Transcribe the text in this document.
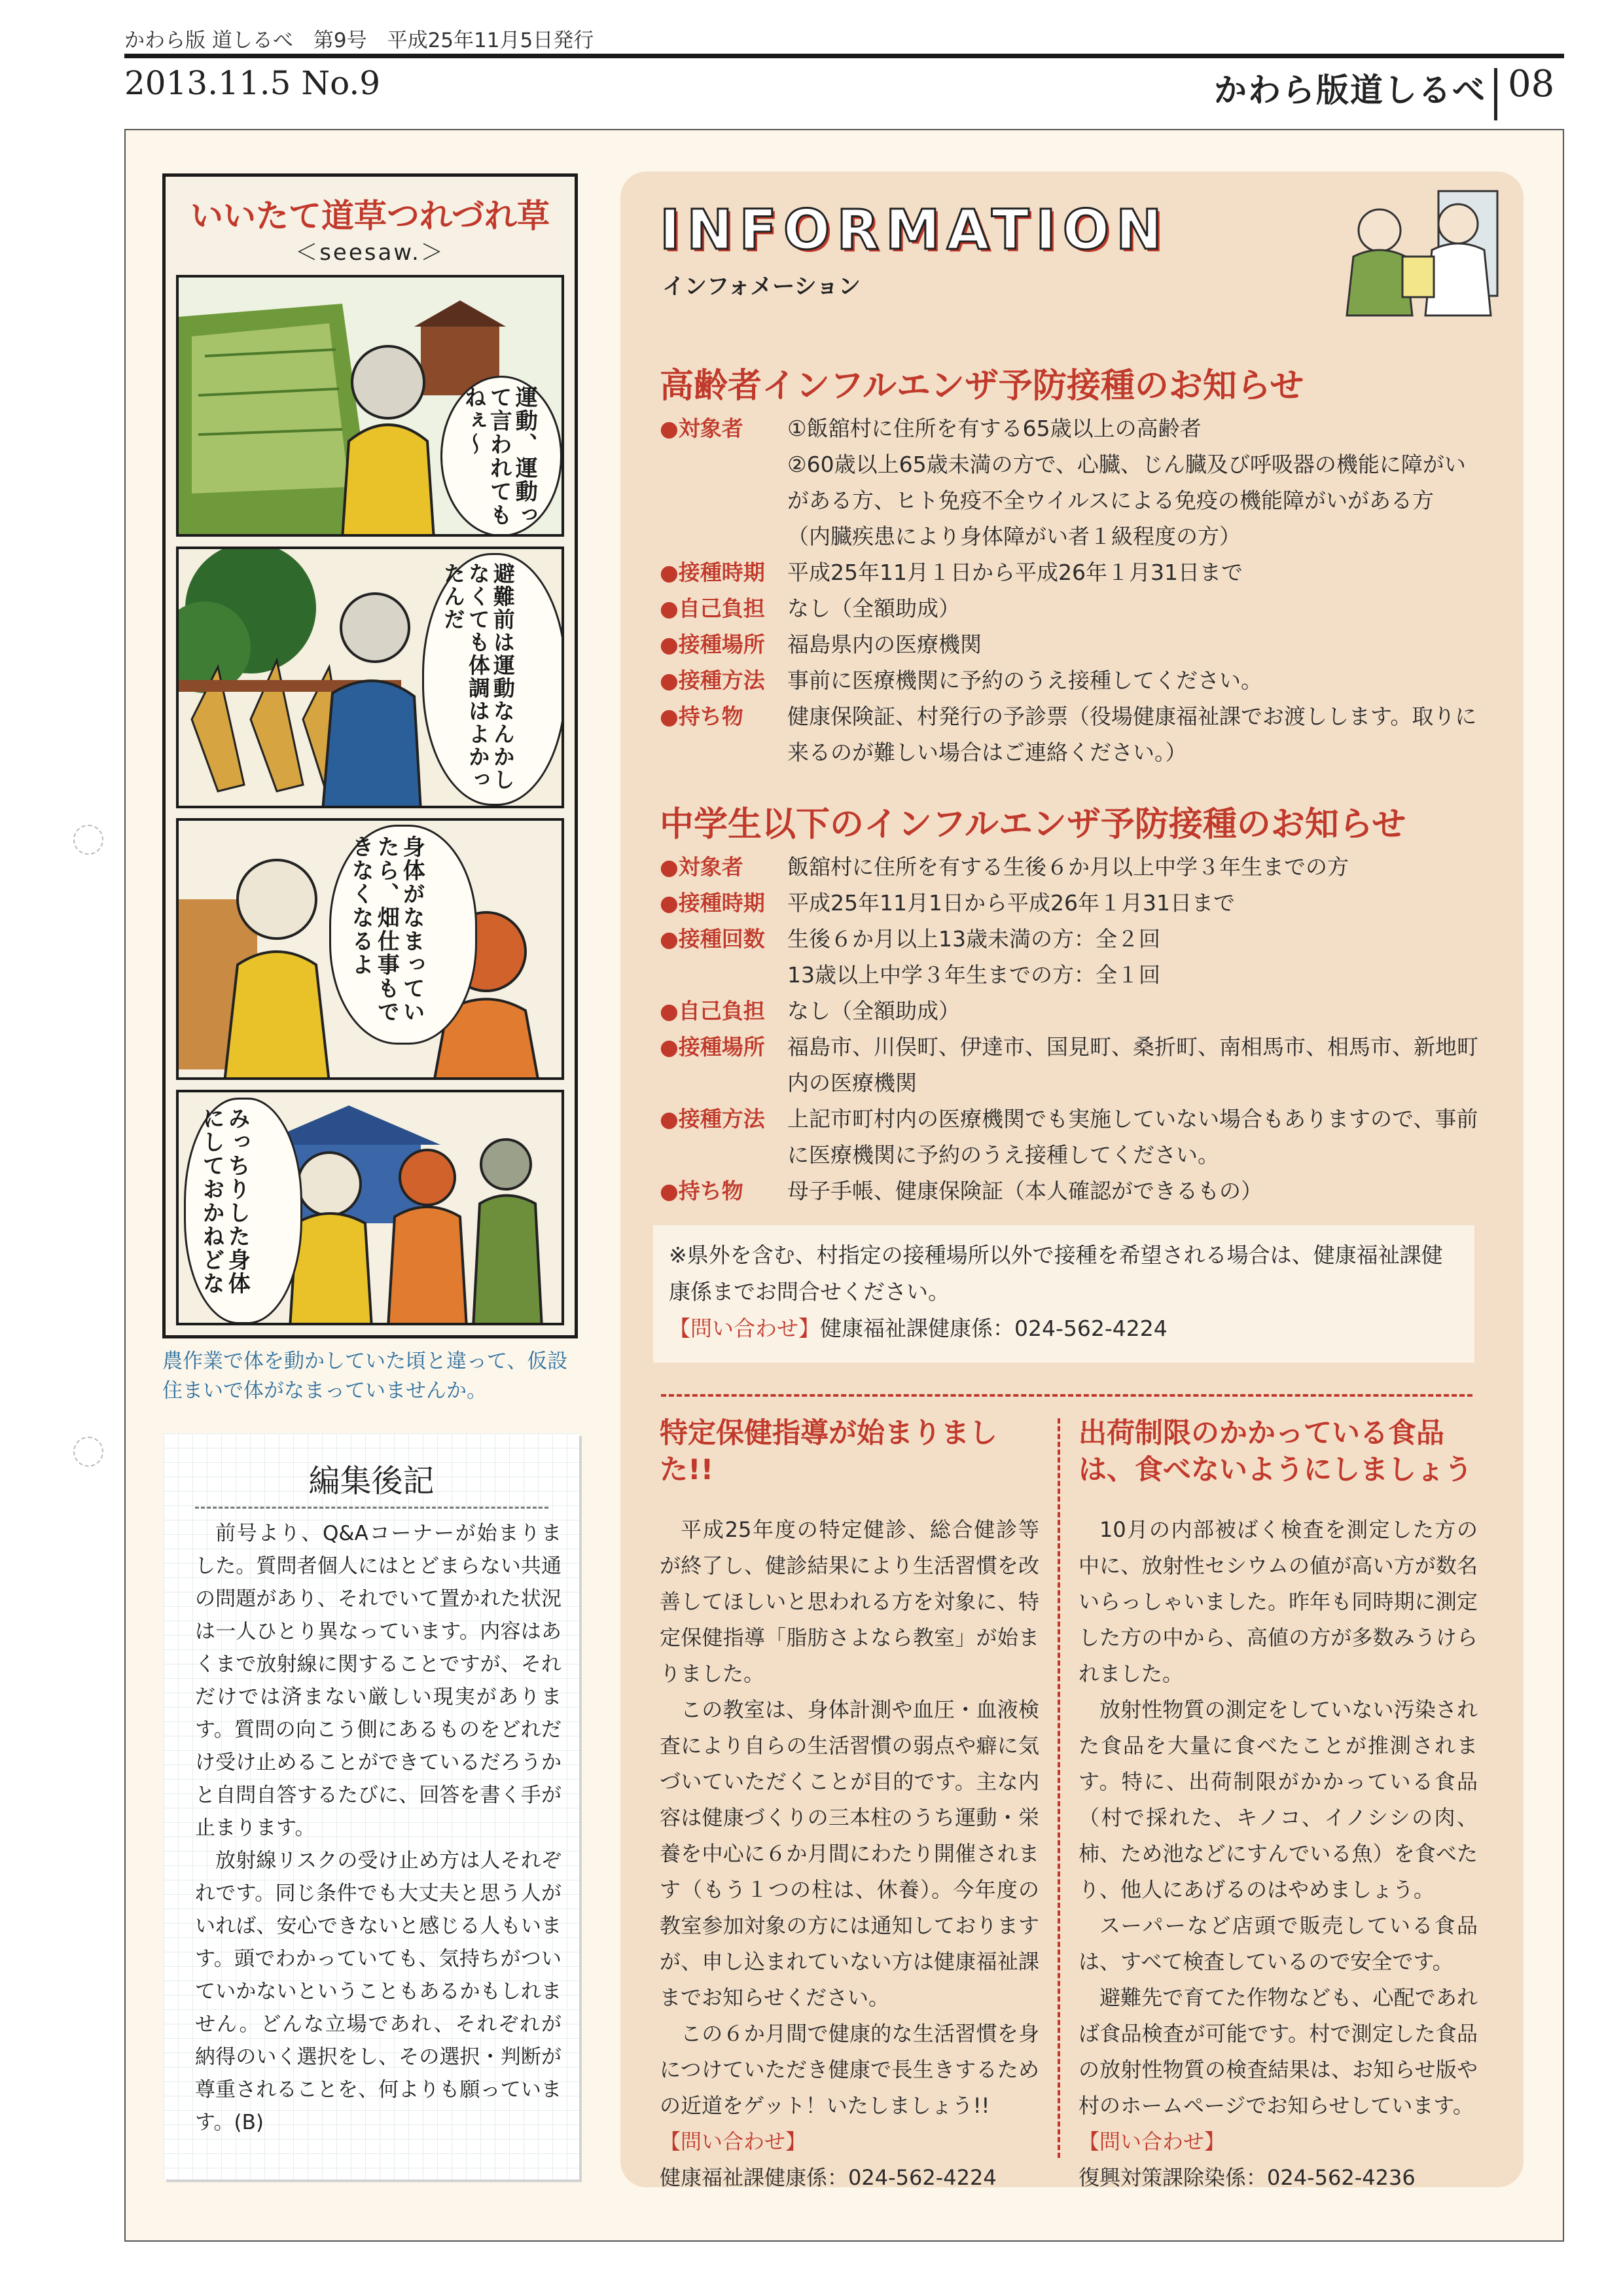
かわら版 道しるべ　第9号　平成25年11月5日発行
2013.11.5 No.9	かわら版道しるべ 08
いいたて道草つれづれ草
＜seesaw.＞
運動、運動って言われてもねぇ〜
避難前は運動なんかしなくても体調はよかったんだ
身体がなまっていたら、畑仕事もできなくなるよ
みっちりした身体にしておかねどな
農作業で体を動かしていた頃と違って、仮設住まいで体がなまっていませんか。
編集後記

前号より、Q&Aコーナーが始まりました。質問者個人にはとどまらない共通の問題があり、それでいて置かれた状況は一人ひとり異なっています。内容はあくまで放射線に関することですが、それだけでは済まない厳しい現実があります。質問の向こう側にあるものをどれだけ受け止めることができているだろうかと自問自答するたびに、回答を書く手が止まります。

放射線リスクの受け止め方は人それぞれです。同じ条件でも大丈夫と思う人がいれば、安心できないと感じる人もいます。頭でわかっていても、気持ちがついていかないということもあるかもしれません。どんな立場であれ、それぞれが納得のいく選択をし、その選択・判断が尊重されることを、何よりも願っています。(B)

INFORMATION
インフォメーション
高齢者インフルエンザ予防接種のお知らせ
● 対象者	①飯舘村に住所を有する65歳以上の高齢者
②60歳以上65歳未満の方で、心臓、じん臓及び呼吸器の機能に障がいがある方、ヒト免疫不全ウイルスによる免疫の機能障がいがある方
（内臓疾患により身体障がい者１級程度の方）
● 接種時期	平成25年11月１日から平成26年１月31日まで
● 自己負担	なし（全額助成）
● 接種場所	福島県内の医療機関
● 接種方法	事前に医療機関に予約のうえ接種してください。
● 持ち物	健康保険証、村発行の予診票（役場健康福祉課でお渡しします。取りに来るのが難しい場合はご連絡ください。）
中学生以下のインフルエンザ予防接種のお知らせ
● 対象者	飯舘村に住所を有する生後６か月以上中学３年生までの方
● 接種時期	平成25年11月1日から平成26年１月31日まで
● 接種回数	生後６か月以上13歳未満の方：全２回
13歳以上中学３年生までの方：全１回
● 自己負担	なし（全額助成）
● 接種場所	福島市、川俣町、伊達市、国見町、桑折町、南相馬市、相馬市、新地町内の医療機関
● 接種方法	上記市町村内の医療機関でも実施していない場合もありますので、事前に医療機関に予約のうえ接種してください。
● 持ち物	母子手帳、健康保険証（本人確認ができるもの）
※県外を含む、村指定の接種場所以外で接種を希望される場合は、健康福祉課健康係までお問合せください。
【問い合わせ】健康福祉課健康係：024-562-4224
特定保健指導が始まりました!!

平成25年度の特定健診、総合健診等が終了し、健診結果により生活習慣を改善してほしいと思われる方を対象に、特定保健指導「脂肪さよなら教室」が始まりました。

この教室は、身体計測や血圧・血液検査により自らの生活習慣の弱点や癖に気づいていただくことが目的です。主な内容は健康づくりの三本柱のうち運動・栄養を中心に６か月間にわたり開催されます（もう１つの柱は、休養）。今年度の教室参加対象の方には通知しておりますが、申し込まれていない方は健康福祉課までお知らせください。

この６か月間で健康的な生活習慣を身につけていただき健康で長生きするための近道をゲット！いたしましょう!!

【問い合わせ】

健康福祉課健康係：024-562-4224

出荷制限のかかっている食品は、食べないようにしましょう

10月の内部被ばく検査を測定した方の中に、放射性セシウムの値が高い方が数名いらっしゃいました。昨年も同時期に測定した方の中から、高値の方が多数みうけられました。

放射性物質の測定をしていない汚染された食品を大量に食べたことが推測されます。特に、出荷制限がかかっている食品（村で採れた、キノコ、イノシシの肉、柿、ため池などにすんでいる魚）を食べたり、他人にあげるのはやめましょう。

スーパーなど店頭で販売している食品は、すべて検査しているので安全です。

避難先で育てた作物なども、心配であれば食品検査が可能です。村で測定した食品の放射性物質の検査結果は、お知らせ版や村のホームページでお知らせしています。

【問い合わせ】

復興対策課除染係：024-562-4236
